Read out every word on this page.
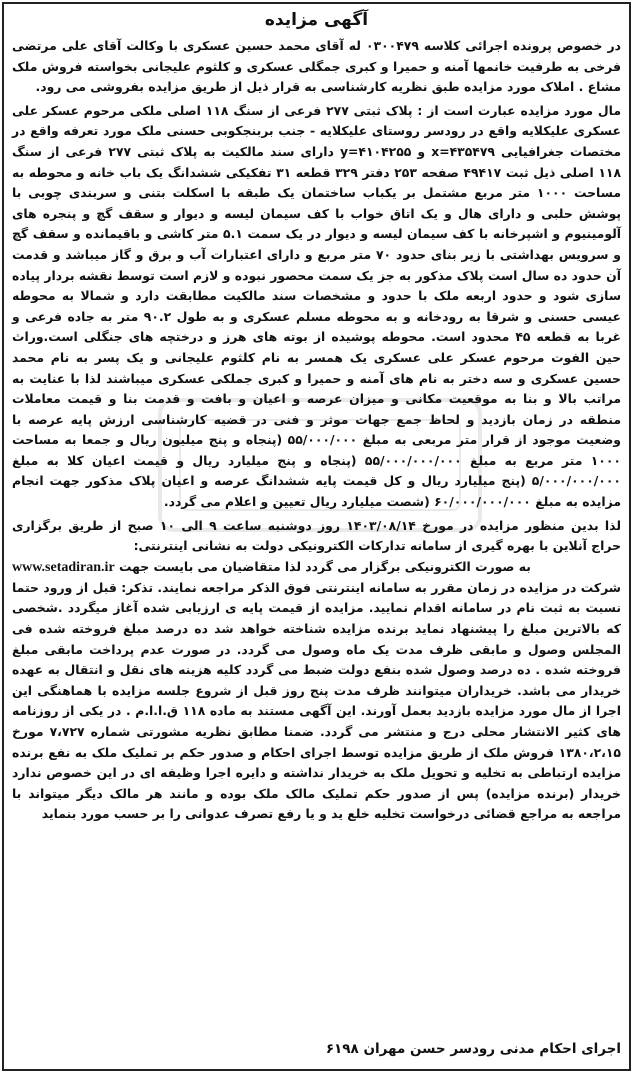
آگهی مزایده

در خصوص پرونده اجرائی کلاسه ۰۳۰۰۴۷۹ له آقای محمد حسین عسکری با وکالت آقای علی مرتضی فرخی به طرفیت خانمها آمنه و حمیرا و کبری جمگلی عسکری و کلثوم علیجانی بخواسته فروش ملک مشاع . املاک مورد مزایده طبق نظریه کارشناسی به قرار ذیل از طریق مزایده بفروشی می رود.

مال مورد مزایده عبارت است از : پلاک ثبتی ۲۷۷ فرعی از سنگ ۱۱۸ اصلی ملکی مرحوم عسکر علی عسکری علیکلایه واقع در رودسر روستای علیکلایه - جنب بربنجکوبی حسنی ملک مورد تعرفه واقع در مختصات جغرافیایی x=۴۳۵۴۷۹ و y=۴۱۰۴۲۵۵ دارای سند مالکیت به پلاک ثبتی ۲۷۷ فرعی از سنگ ۱۱۸ اصلی ذیل ثبت ۴۹۴۱۷ صفحه ۲۵۳ دفتر ۳۲۹ قطعه ۳۱ تفکیکی ششدانگ یک باب خانه و محوطه به مساحت ۱۰۰۰ متر مربع مشتمل بر یکباب ساختمان یک طبقه با اسکلت بتنی و سربندی چوبی با پوشش حلبی و دارای هال و یک اتاق خواب با کف سیمان لیسه و دیوار و سقف گچ و پنجره های آلومینیوم و اشپرخانه با کف سیمان لیسه و دیوار در یک سمت ۵.۱ متر کاشی و باقیمانده و سقف گچ و سرویس بهداشتی با زیر بنای حدود ۷۰ متر مربع و دارای اعتبارات آب و برق و گاز میباشد و قدمت آن حدود ده سال است پلاک مذکور به جز یک سمت محصور نبوده و لازم است توسط نقشه بردار پیاده سازی شود و حدود اربعه ملک با حدود و مشخصات سند مالکیت مطابقت دارد و شمالا به محوطه عیسی حسنی و شرقا به رودخانه و به محوطه مسلم عسکری و به طول ۹۰.۲ متر به جاده فرعی و غربا به قطعه ۴۵ محدود است. محوطه پوشیده از بوته های هرز و درختچه های جنگلی است.وراث حین الفوت مرحوم عسکر علی عسکری یک همسر به نام کلثوم علیجانی و یک پسر به نام محمد حسین عسکری و سه دختر به نام های آمنه و حمیرا و کبری جملکی عسکری میباشند لذا با عنایت به مراتب بالا و بنا به موقعیت مکانی و میزان عرصه و اعیان و بافت و قدمت بنا و قیمت معاملات منطقه در زمان بازدید و لحاظ جمع جهات موثر و فنی در قضیه کارشناسی ارزش پایه عرصه با وضعیت موجود از قرار متر مربعی به مبلغ ۵۵/۰۰۰/۰۰۰ (پنجاه و پنج میلیون ریال و جمعا به مساحت ۱۰۰۰ متر مربع به مبلغ ۵۵/۰۰۰/۰۰۰/۰۰۰ (پنجاه و پنج میلیارد ریال و قیمت اعیان کلا به مبلغ ۵/۰۰۰/۰۰۰/۰۰۰ (پنج میلیارد ریال و کل قیمت پایه ششدانگ عرصه و اعیان پلاک مذکور جهت انجام مزایده به مبلغ ۶۰/۰۰۰/۰۰۰/۰۰۰ (شصت میلیارد ریال تعیین و اعلام می گردد.

لذا بدین منظور مزایده در مورخ ۱۴۰۳/۰۸/۱۴ روز دوشنبه ساعت ۹ الی ۱۰ صبح از طریق برگزاری حراج آنلاین با بهره گیری از سامانه تدارکات الکترونیکی دولت به نشانی اینترنتی:

www.setadiran.ir به صورت الکترونیکی برگزار می گردد لذا متقاضیان می بایست جهت

شرکت در مزایده در زمان مقرر به سامانه اینترنتی فوق الذکر مراجعه نمایند. تذکر: قبل از ورود حتما نسبت به ثبت نام در سامانه اقدام نمایید. مزایده از قیمت پایه ی ارزیابی شده آغاز میگردد .شخصی که بالاترین مبلغ را پیشنهاد نماید برنده مزایده شناخته خواهد شد ده درصد مبلغ فروخته شده فی المجلس وصول و مابقی ظرف مدت یک ماه وصول می گردد. در صورت عدم پرداخت مابقی مبلغ فروخته شده . ده درصد وصول شده بنفع دولت ضبط می گردد کلیه هزینه های نقل و انتقال به عهده خریدار می باشد. خریداران میتوانند ظرف مدت پنج روز قبل از شروع جلسه مزایده با هماهنگی این اجرا از مال مورد مزایده بازدید بعمل آورند. این آگهی مستند به ماده ۱۱۸ ق.ا.ا.م . در یکی از روزنامه های کثیر الانتشار محلی درج و منتشر می گردد. ضمنا مطابق نظریه مشورتی شماره ۷،۷۲۷ مورخ ۱۳۸۰،۲،۱۵ فروش ملک از طریق مزایده توسط اجرای احکام و صدور حکم بر تملیک ملک به نفع برنده مزایده ارتباطی به تخلیه و تحویل ملک به خریدار نداشته و دایره اجرا وظیفه ای در این خصوص ندارد خریدار (برنده مزایده) پس از صدور حکم تملیک مالک ملک بوده و مانند هر مالک دیگر میتواند با مراجعه به مراجع قضائی درخواست تخلیه خلع ید و یا رفع تصرف عدوانی را بر حسب مورد بنماید

اجرای احکام مدنی رودسر حسن مهران ۶۱۹۸
